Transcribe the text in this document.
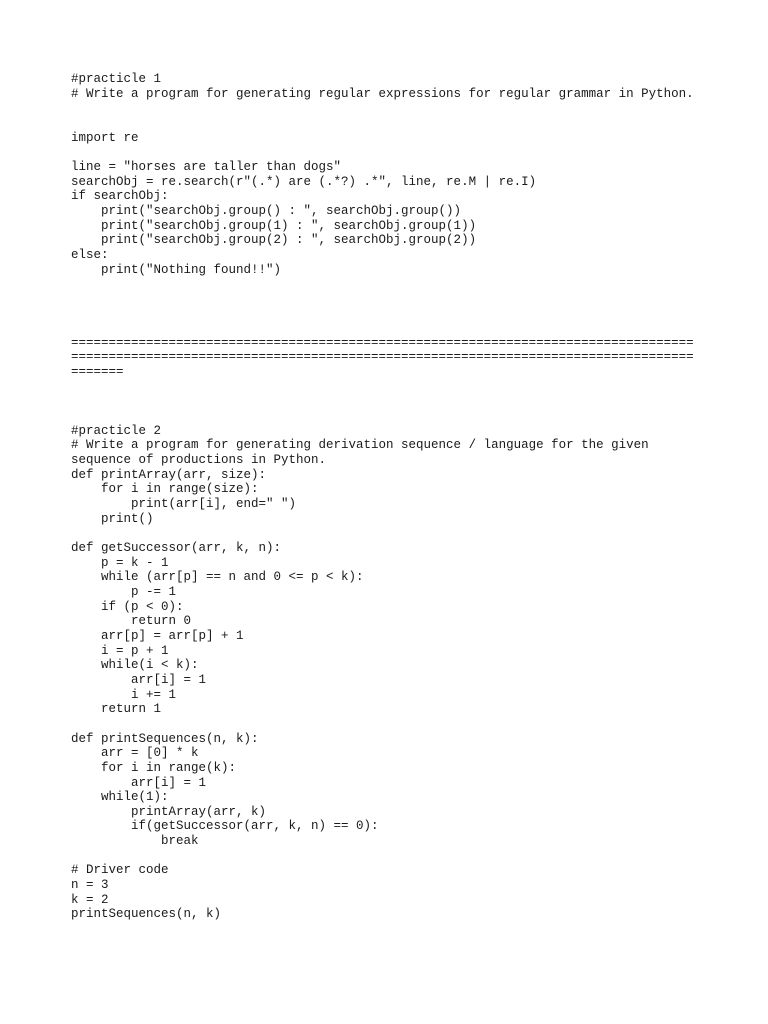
#practicle 1
# Write a program for generating regular expressions for regular grammar in Python.
import re
line = "horses are taller than dogs"
searchObj = re.search(r"(.*) are (.*?) .*", line, re.M | re.I)
if searchObj:
print("searchObj.group() : ", searchObj.group())
print("searchObj.group(1) : ", searchObj.group(1))
print("searchObj.group(2) : ", searchObj.group(2))
else:
print("Nothing found!!")
===================================================================================
===================================================================================
=======
#practicle 2
# Write a program for generating derivation sequence / language for the given
sequence of productions in Python.
def printArray(arr, size):
for i in range(size):
print(arr[i], end=" ")
print()
def getSuccessor(arr, k, n):
p = k - 1
while (arr[p] == n and 0 <= p < k):
p -= 1
if (p < 0):
return 0
arr[p] = arr[p] + 1
i = p + 1
while(i < k):
arr[i] = 1
i += 1
return 1
def printSequences(n, k):
arr = [0] * k
for i in range(k):
arr[i] = 1
while(1):
printArray(arr, k)
if(getSuccessor(arr, k, n) == 0):
break
# Driver code
n = 3
k = 2
printSequences(n, k)
